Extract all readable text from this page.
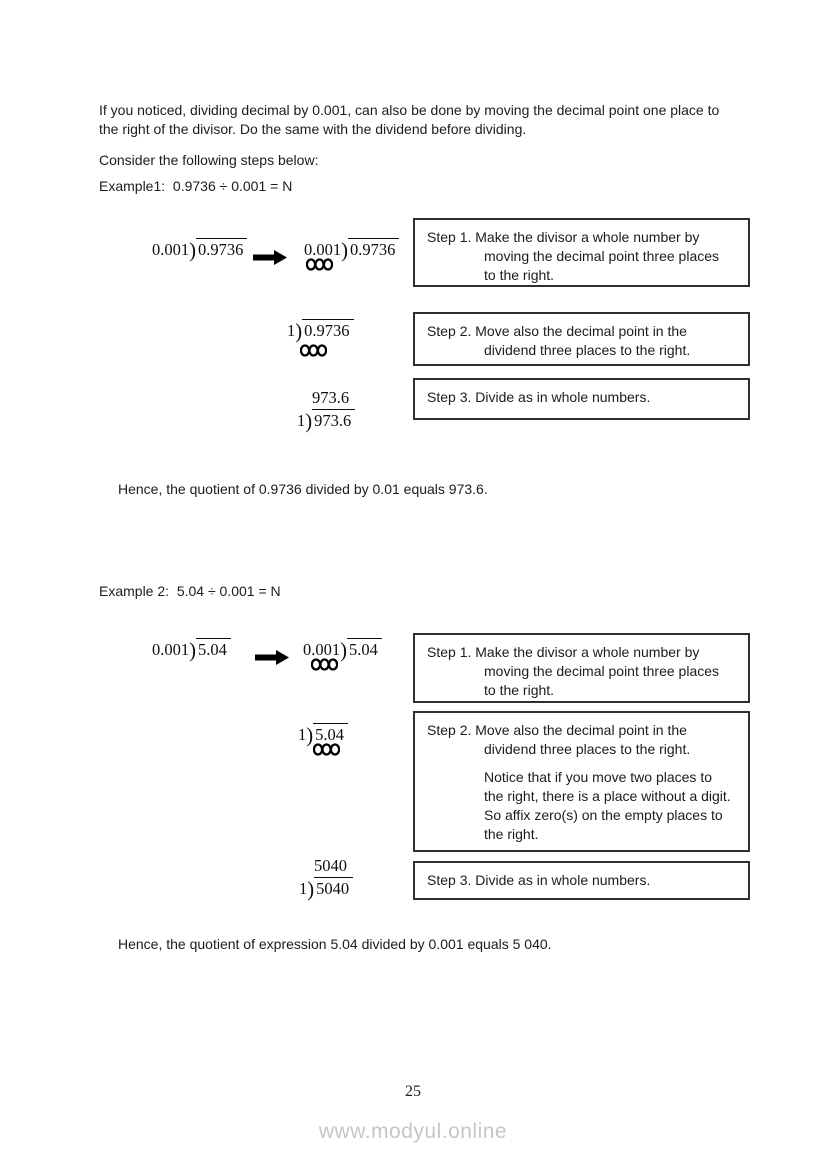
If you noticed, dividing decimal by 0.001, can also be done by moving the decimal point one place to the right of the divisor. Do the same with the dividend before dividing.
Consider the following steps below:
Example1:  0.9736 ÷ 0.001 = N
0.001) 0.9736	0.001) 0.9736
Step 1. Make the divisor a whole number by moving the decimal point three places to the right.
1) 0.9736	Step 2. Move also the decimal point in the dividend three places to the right.
973.6
1) 973.6
Step 3. Divide as in whole numbers.
Hence, the quotient of 0.9736 divided by 0.01 equals 973.6.
Example 2:  5.04 ÷ 0.001 = N
0.001) 5.04	0.001) 5.04	Step 1. Make the divisor a whole number by moving the decimal point three places to the right.
1) 5.04	Step 2. Move also the decimal point in the dividend three places to the right.
Notice that if you move two places to the right, there is a place without a digit. So affix zero(s) on the empty places to the right.
5040
1) 5040	Step 3. Divide as in whole numbers.
Hence, the quotient of expression 5.04 divided by 0.001 equals 5 040.
25
www.modyul.online
